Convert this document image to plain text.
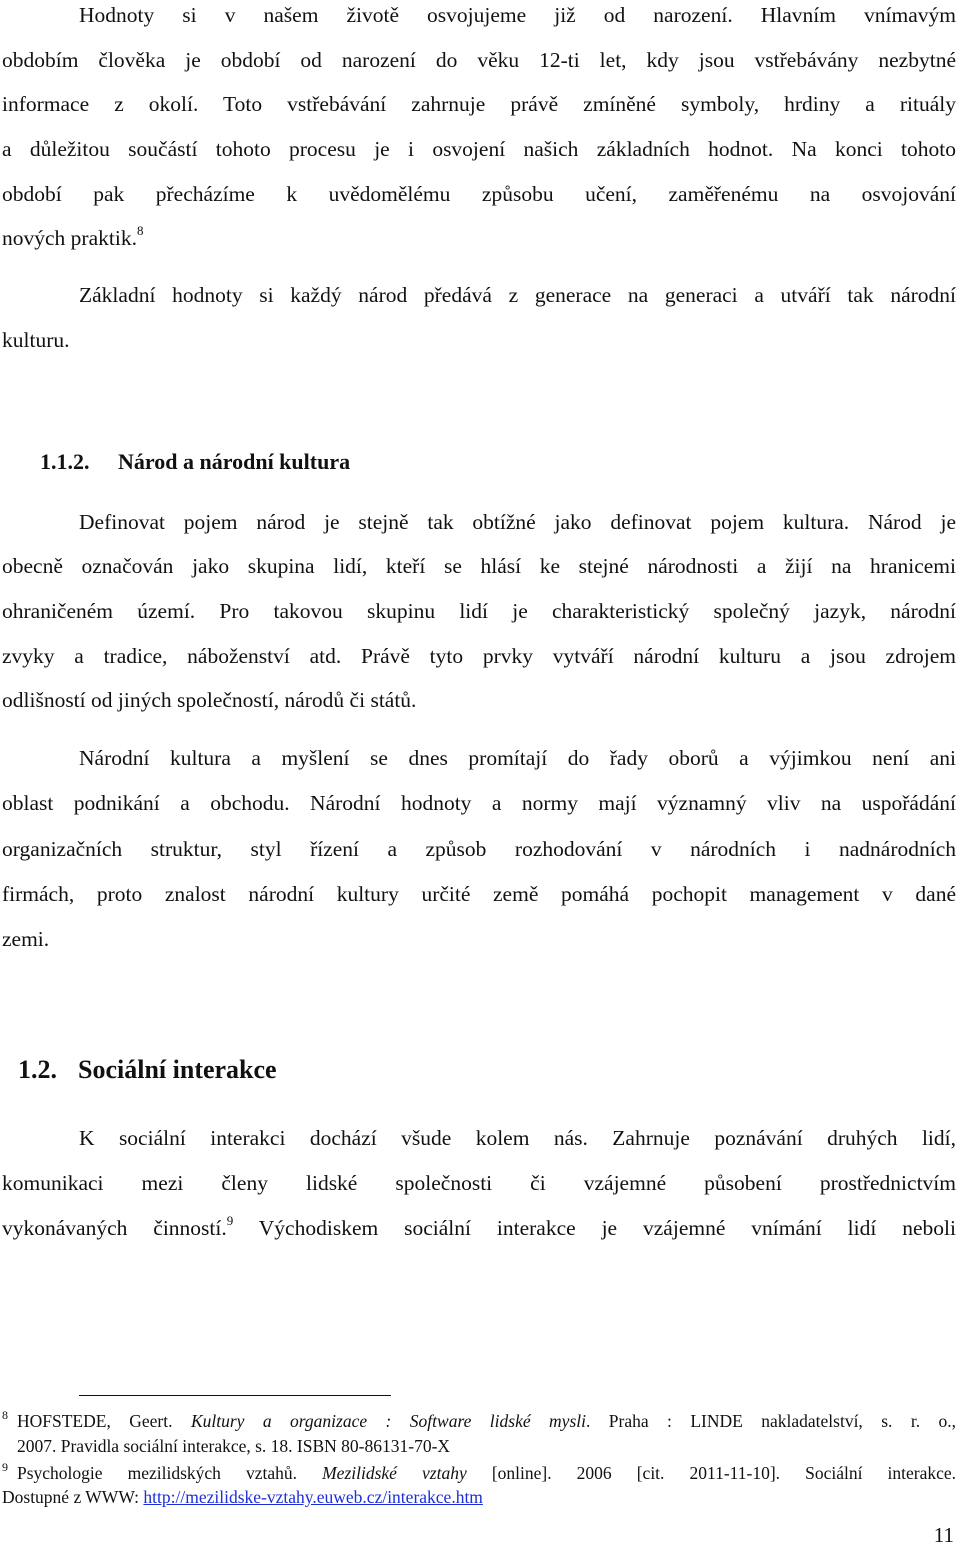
Hodnoty si v našem životě osvojujeme již od narození. Hlavním vnímavým
obdobím člověka je období od narození do věku 12-ti let, kdy jsou vstřebávány nezbytné
informace z okolí. Toto vstřebávání zahrnuje právě zmíněné symboly, hrdiny a rituály
a důležitou součástí tohoto procesu je i osvojení našich základních hodnot. Na konci tohoto
období pak přecházíme k uvědomělému způsobu učení, zaměřenému na osvojování
nových praktik.$^8$
Základní hodnoty si každý národ předává z generace na generaci a utváří tak národní
kulturu.
1.1.2. Národ a národní kultura
Definovat pojem národ je stejně tak obtížné jako definovat pojem kultura. Národ je
obecně označován jako skupina lidí, kteří se hlásí ke stejné národnosti a žijí na hranicemi
ohraničeném území. Pro takovou skupinu lidí je charakteristický společný jazyk, národní
zvyky a tradice, náboženství atd. Právě tyto prvky vytváří národní kulturu a jsou zdrojem
odlišností od jiných společností, národů či států.
Národní kultura a myšlení se dnes promítají do řady oborů a výjimkou není ani
oblast podnikání a obchodu. Národní hodnoty a normy mají významný vliv na uspořádání
organizačních struktur, styl řízení a způsob rozhodování v národních i nadnárodních
firmách, proto znalost národní kultury určité země pomáhá pochopit management v dané
zemi.
1.2. Sociální interakce
K sociální interakci dochází všude kolem nás. Zahrnuje poznávání druhých lidí,
komunikaci mezi členy lidské společnosti či vzájemné působení prostřednictvím
vykonávaných činností.$^9$ Východiskem sociální interakce je vzájemné vnímání lidí neboli
$^8$ HOFSTEDE, Geert. Kultury a organizace : Software lidské mysli. Praha : LINDE nakladatelství, s. r. o.,
2007. Pravidla sociální interakce, s. 18. ISBN 80-86131-70-X
$^9$ Psychologie mezilidských vztahů. Mezilidské vztahy [online]. 2006 [cit. 2011-11-10]. Sociální interakce.
Dostupné z WWW: http://mezilidske-vztahy.euweb.cz/interakce.htm
11
